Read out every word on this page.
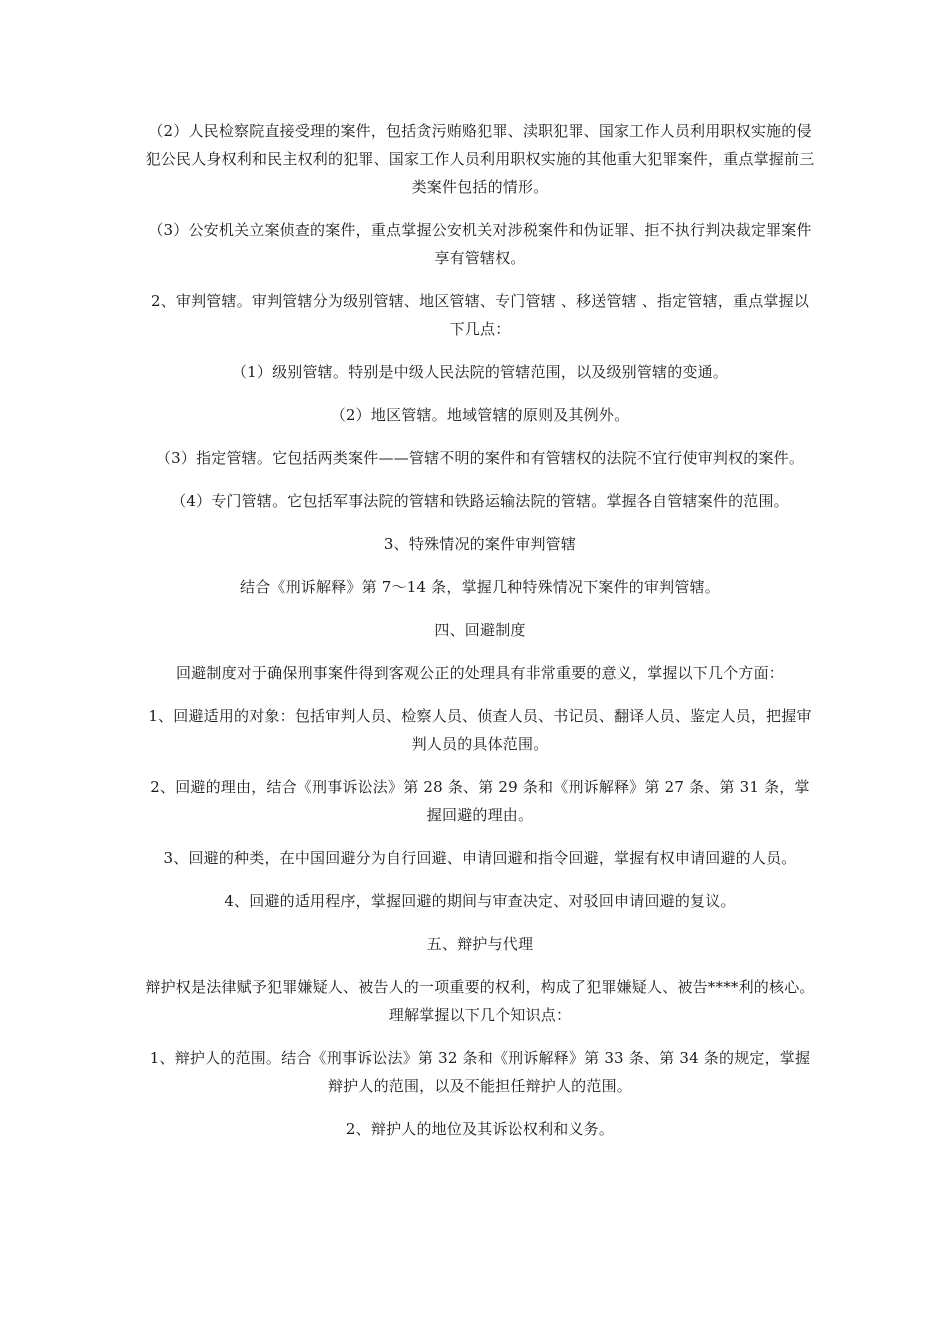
（2）人民检察院直接受理的案件，包括贪污贿赂犯罪、渎职犯罪、国家工作人员利用职权实施的侵犯公民人身权利和民主权利的犯罪、国家工作人员利用职权实施的其他重大犯罪案件，重点掌握前三类案件包括的情形。

（3）公安机关立案侦查的案件，重点掌握公安机关对涉税案件和伪证罪、拒不执行判决裁定罪案件享有管辖权。

2、审判管辖。审判管辖分为级别管辖、地区管辖、专门管辖 、移送管辖 、指定管辖，重点掌握以下几点：

（1）级别管辖。特别是中级人民法院的管辖范围，以及级别管辖的变通。

（2）地区管辖。地域管辖的原则及其例外。

（3）指定管辖。它包括两类案件——管辖不明的案件和有管辖权的法院不宜行使审判权的案件。

（4）专门管辖。它包括军事法院的管辖和铁路运输法院的管辖。掌握各自管辖案件的范围。

3、特殊情况的案件审判管辖

结合《刑诉解释》第 7～14 条，掌握几种特殊情况下案件的审判管辖。

四、回避制度

回避制度对于确保刑事案件得到客观公正的处理具有非常重要的意义，掌握以下几个方面：

1、回避适用的对象：包括审判人员、检察人员、侦查人员、书记员、翻译人员、鉴定人员，把握审判人员的具体范围。

2、回避的理由，结合《刑事诉讼法》第 28 条、第 29 条和《刑诉解释》第 27 条、第 31 条，掌握回避的理由。

3、回避的种类，在中国回避分为自行回避、申请回避和指令回避，掌握有权申请回避的人员。

4、回避的适用程序，掌握回避的期间与审查决定、对驳回申请回避的复议。

五、辩护与代理

辩护权是法律赋予犯罪嫌疑人、被告人的一项重要的权利，构成了犯罪嫌疑人、被告****利的核心。理解掌握以下几个知识点：

1、辩护人的范围。结合《刑事诉讼法》第 32 条和《刑诉解释》第 33 条、第 34 条的规定，掌握辩护人的范围，以及不能担任辩护人的范围。

2、辩护人的地位及其诉讼权利和义务。
